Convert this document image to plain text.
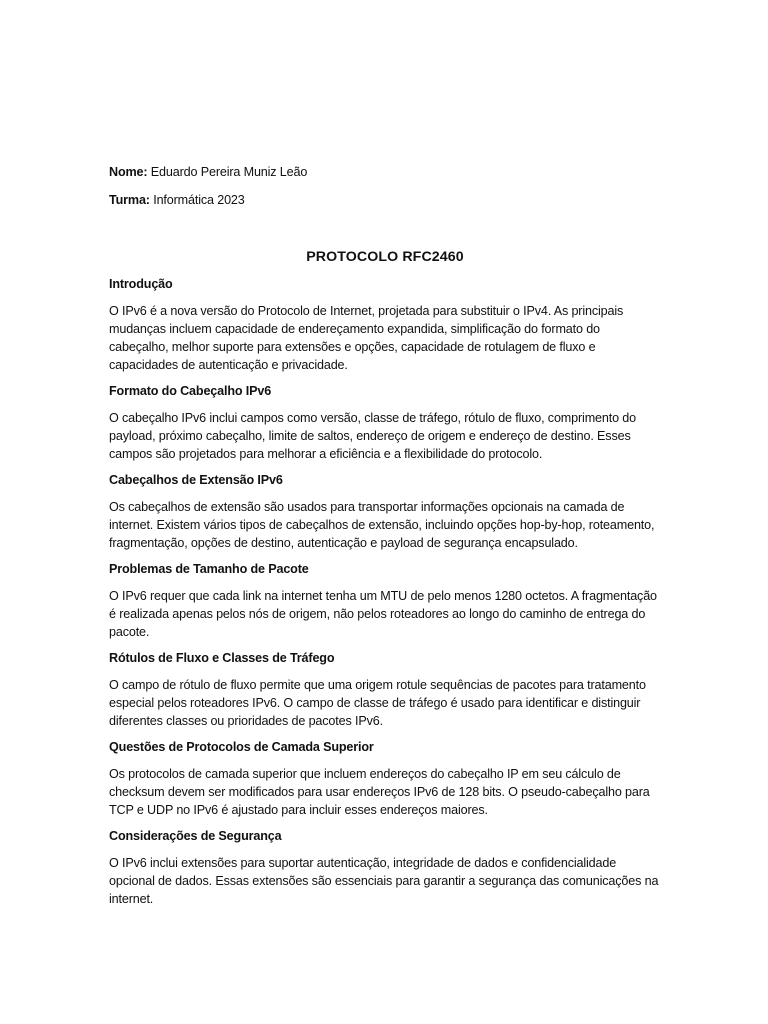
Nome: Eduardo Pereira Muniz Leão

Turma: Informática 2023

PROTOCOLO RFC2460
Introdução

O IPv6 é a nova versão do Protocolo de Internet, projetada para substituir o IPv4. As principais mudanças incluem capacidade de endereçamento expandida, simplificação do formato do cabeçalho, melhor suporte para extensões e opções, capacidade de rotulagem de fluxo e capacidades de autenticação e privacidade.

Formato do Cabeçalho IPv6

O cabeçalho IPv6 inclui campos como versão, classe de tráfego, rótulo de fluxo, comprimento do payload, próximo cabeçalho, limite de saltos, endereço de origem e endereço de destino. Esses campos são projetados para melhorar a eficiência e a flexibilidade do protocolo.

Cabeçalhos de Extensão IPv6

Os cabeçalhos de extensão são usados para transportar informações opcionais na camada de internet. Existem vários tipos de cabeçalhos de extensão, incluindo opções hop-by-hop, roteamento, fragmentação, opções de destino, autenticação e payload de segurança encapsulado.

Problemas de Tamanho de Pacote

O IPv6 requer que cada link na internet tenha um MTU de pelo menos 1280 octetos. A fragmentação é realizada apenas pelos nós de origem, não pelos roteadores ao longo do caminho de entrega do pacote.

Rótulos de Fluxo e Classes de Tráfego

O campo de rótulo de fluxo permite que uma origem rotule sequências de pacotes para tratamento especial pelos roteadores IPv6. O campo de classe de tráfego é usado para identificar e distinguir diferentes classes ou prioridades de pacotes IPv6.

Questões de Protocolos de Camada Superior

Os protocolos de camada superior que incluem endereços do cabeçalho IP em seu cálculo de checksum devem ser modificados para usar endereços IPv6 de 128 bits. O pseudo-cabeçalho para TCP e UDP no IPv6 é ajustado para incluir esses endereços maiores.

Considerações de Segurança

O IPv6 inclui extensões para suportar autenticação, integridade de dados e confidencialidade opcional de dados. Essas extensões são essenciais para garantir a segurança das comunicações na internet.
